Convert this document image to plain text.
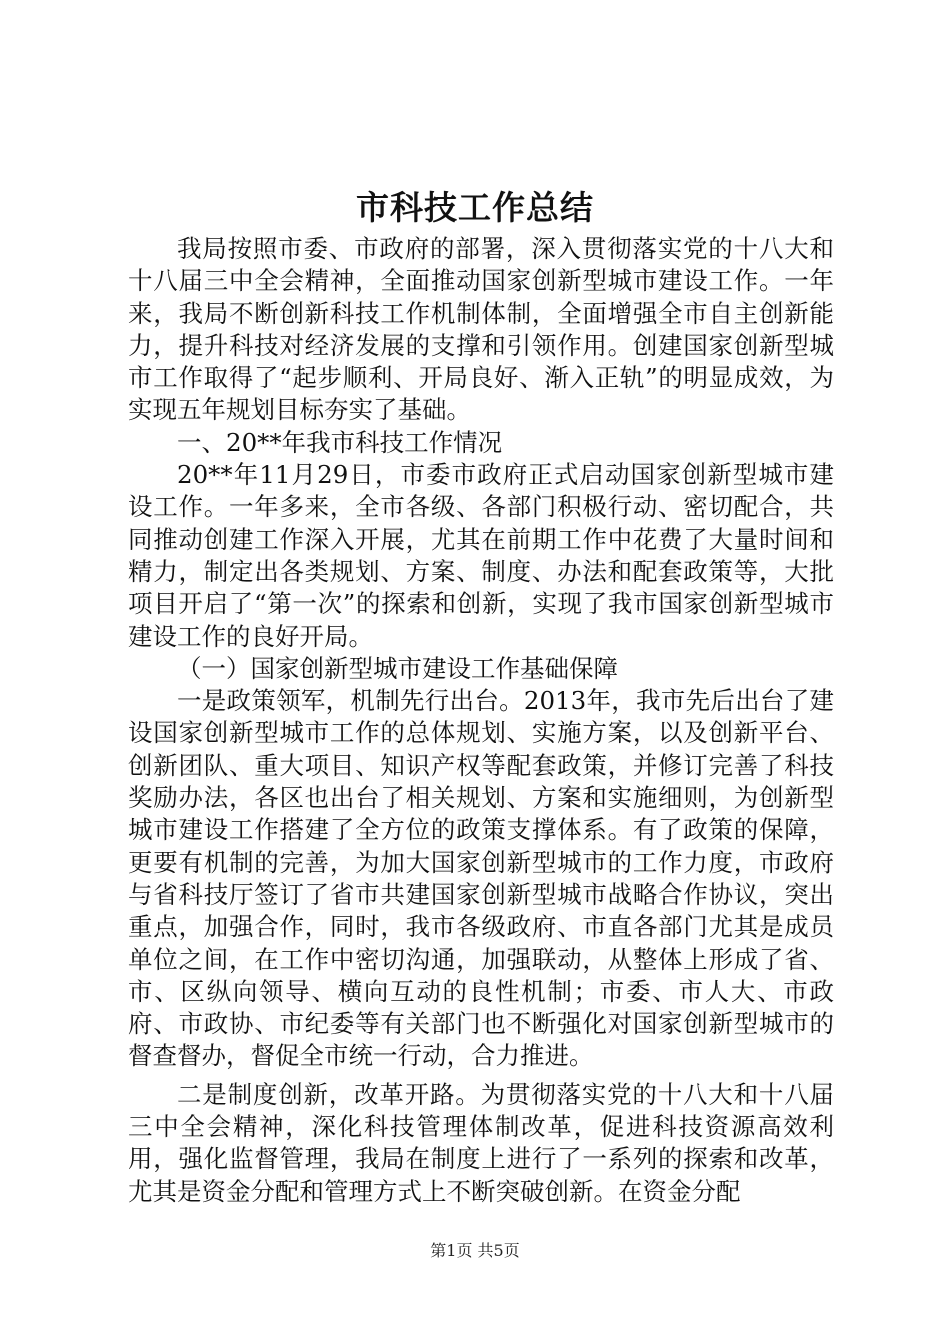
市科技工作总结

我局按照市委、市政府的部署，深入贯彻落实党的十八大和十八届三中全会精神，全面推动国家创新型城市建设工作。一年来，我局不断创新科技工作机制体制，全面增强全市自主创新能力，提升科技对经济发展的支撑和引领作用。创建国家创新型城市工作取得了“起步顺利、开局良好、渐入正轨”的明显成效，为实现五年规划目标夯实了基础。

一、20**年我市科技工作情况

20**年11月29日，市委市政府正式启动国家创新型城市建设工作。一年多来，全市各级、各部门积极行动、密切配合，共同推动创建工作深入开展，尤其在前期工作中花费了大量时间和精力，制定出各类规划、方案、制度、办法和配套政策等，大批项目开启了“第一次”的探索和创新，实现了我市国家创新型城市建设工作的良好开局。

（一）国家创新型城市建设工作基础保障

一是政策领军，机制先行出台。2013年，我市先后出台了建设国家创新型城市工作的总体规划、实施方案，以及创新平台、创新团队、重大项目、知识产权等配套政策，并修订完善了科技奖励办法，各区也出台了相关规划、方案和实施细则，为创新型城市建设工作搭建了全方位的政策支撑体系。有了政策的保障，更要有机制的完善，为加大国家创新型城市的工作力度，市政府与省科技厅签订了省市共建国家创新型城市战略合作协议，突出重点，加强合作，同时，我市各级政府、市直各部门尤其是成员单位之间，在工作中密切沟通，加强联动，从整体上形成了省、市、区纵向领导、横向互动的良性机制；市委、市人大、市政府、市政协、市纪委等有关部门也不断强化对国家创新型城市的督查督办，督促全市统一行动，合力推进。

二是制度创新，改革开路。为贯彻落实党的十八大和十八届三中全会精神，深化科技管理体制改革，促进科技资源高效利用，强化监督管理，我局在制度上进行了一系列的探索和改革，尤其是资金分配和管理方式上不断突破创新。在资金分配

第1页 共5页
